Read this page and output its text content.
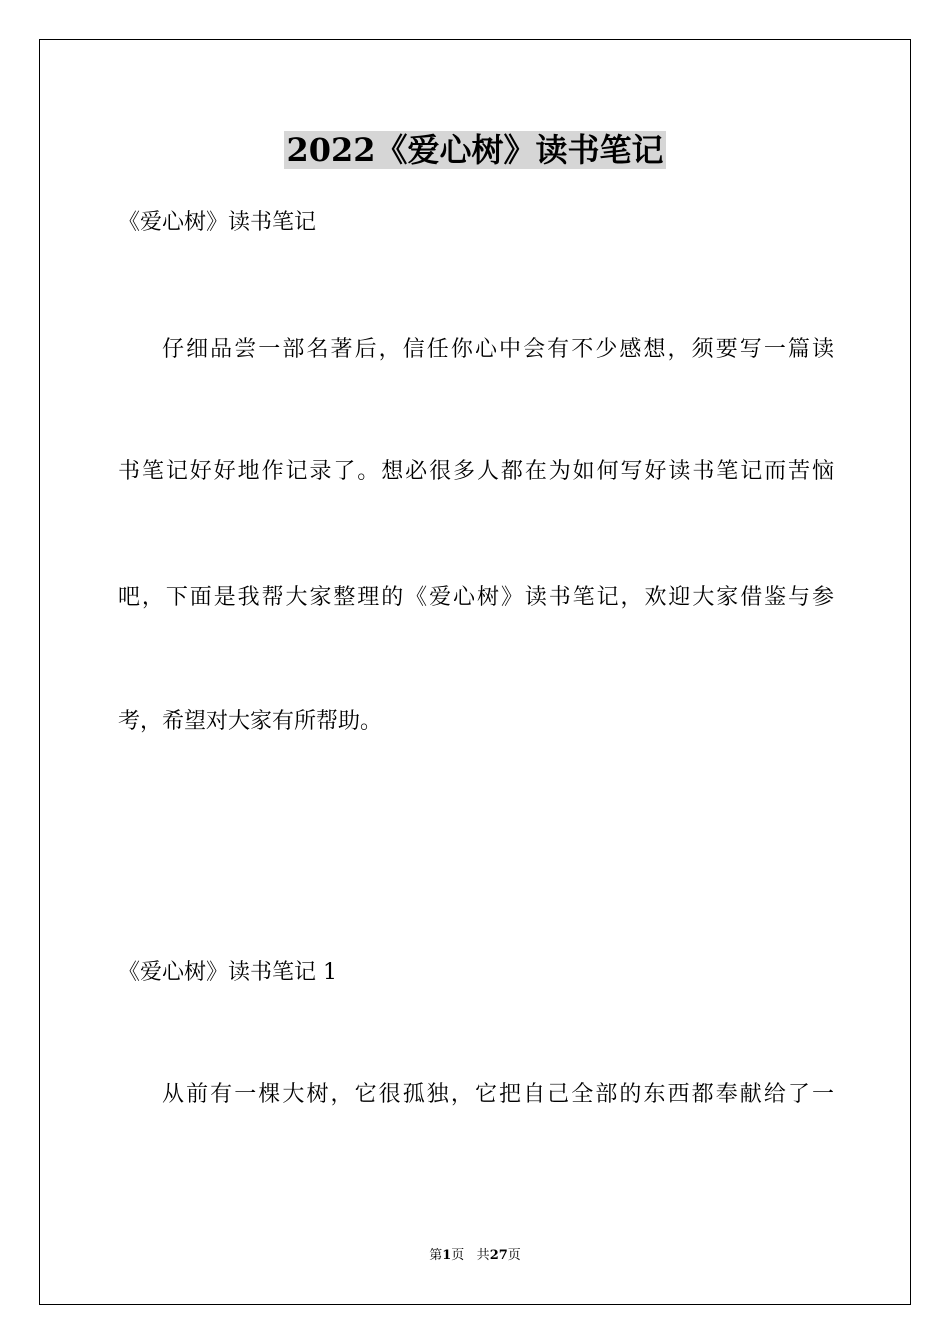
2022《爱心树》读书笔记
《爱心树》读书笔记
仔细品尝一部名著后，信任你心中会有不少感想，须要写一篇读
书笔记好好地作记录了。想必很多人都在为如何写好读书笔记而苦恼
吧，下面是我帮大家整理的《爱心树》读书笔记，欢迎大家借鉴与参
考，希望对大家有所帮助。
《爱心树》读书笔记 1
从前有一棵大树，它很孤独，它把自己全部的东西都奉献给了一
第1页 共27页
